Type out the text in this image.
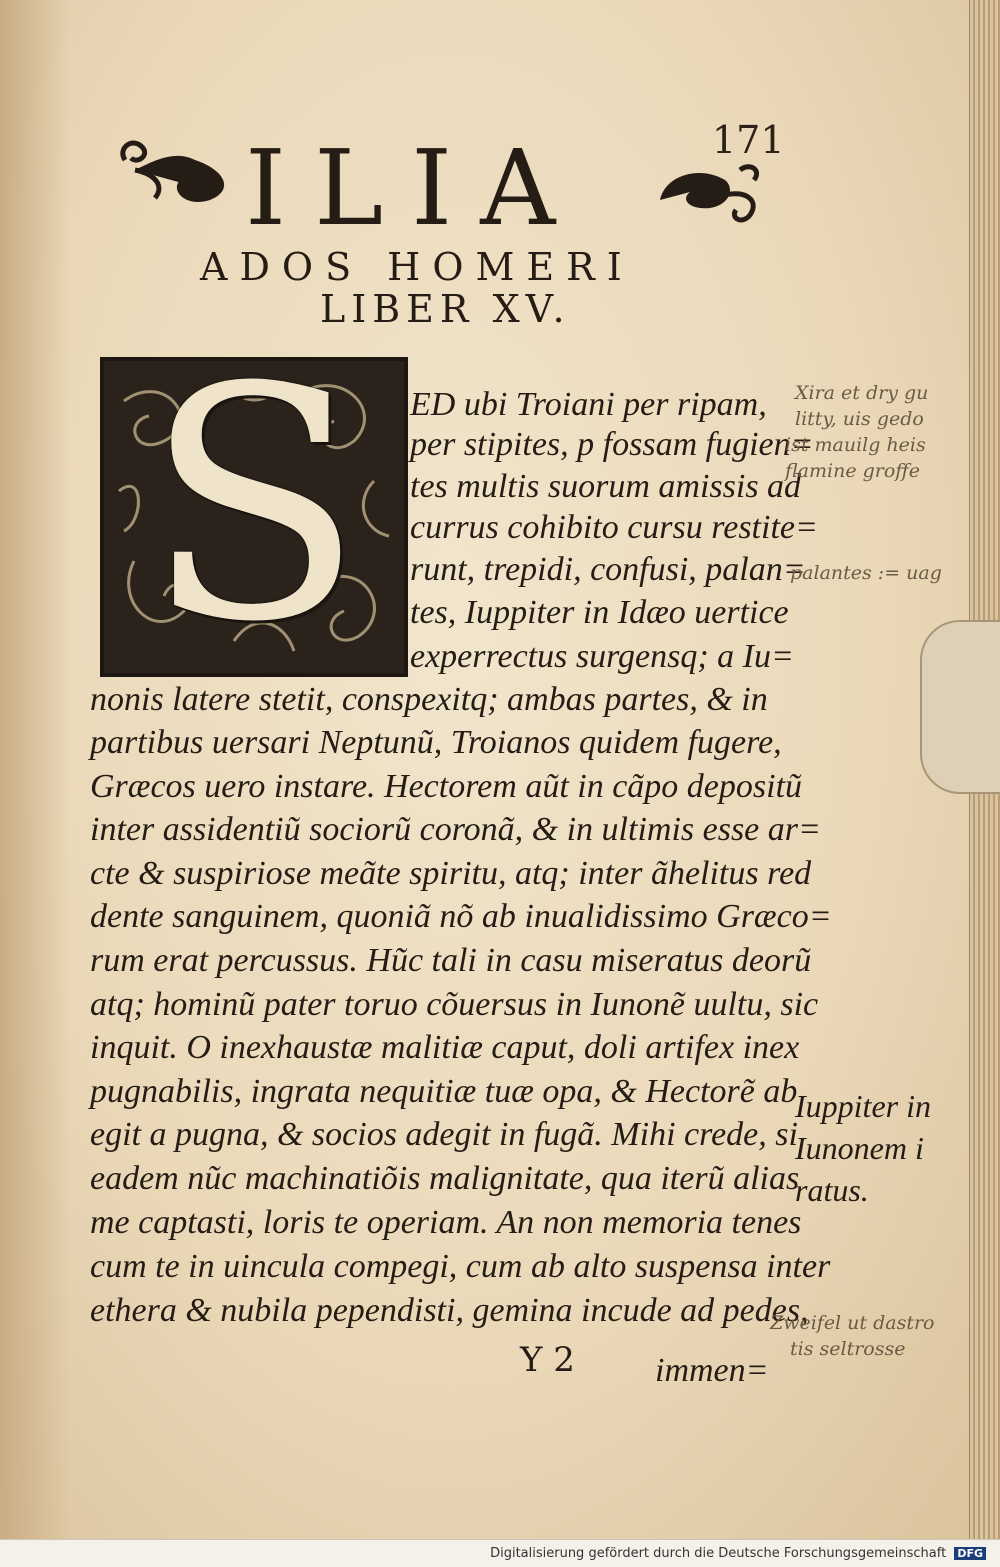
171
ILIA
ADOS HOMERI
LIBER XV.
S	ED ubi Troiani per ripam,
per stipites, p fossam fugien=
tes multis suorum amissis ad
currus cohibito cursu restite=
runt, trepidi, confusi, palan=
tes, Iuppiter in Idæo uertice
experrectus surgensq; a Iu=
nonis latere stetit, conspexitq; ambas partes, & in
partibus uersari Neptunũ, Troianos quidem fugere,
Græcos uero instare. Hectorem aũt in cãpo depositũ
inter assidentiũ sociorũ coronã, & in ultimis esse ar=
cte & suspiriose meãte spiritu, atq; inter ãhelitus red
dente sanguinem, quoniã nõ ab inualidissimo Græco=
rum erat percussus. Hũc tali in casu miseratus deorũ
atq; hominũ pater toruo cõuersus in Iunonẽ uultu, sic
inquit. O inexhaustæ malitiæ caput, doli artifex inex
pugnabilis, ingrata nequitiæ tuæ opa, & Hectorẽ ab
egit a pugna, & socios adegit in fugã. Mihi crede, si
eadem nũc machinatiõis malignitate, qua iterũ alias
me captasti, loris te operiam. An non memoria tenes
cum te in uincula compegi, cum ab alto suspensa inter
ethera & nubila pependisti, gemina incude ad pedes,
Y 2 immen=
Iuppiter in
Iunonem i
ratus.
Xira et dry gu
litty, uis gedo
ist mauilg heis
flamine groffe
palantes := uag
Zweifel ut dastro
tis seltrosse
Digitalisierung gefördert durch die Deutsche Forschungsgemeinschaft DFG
